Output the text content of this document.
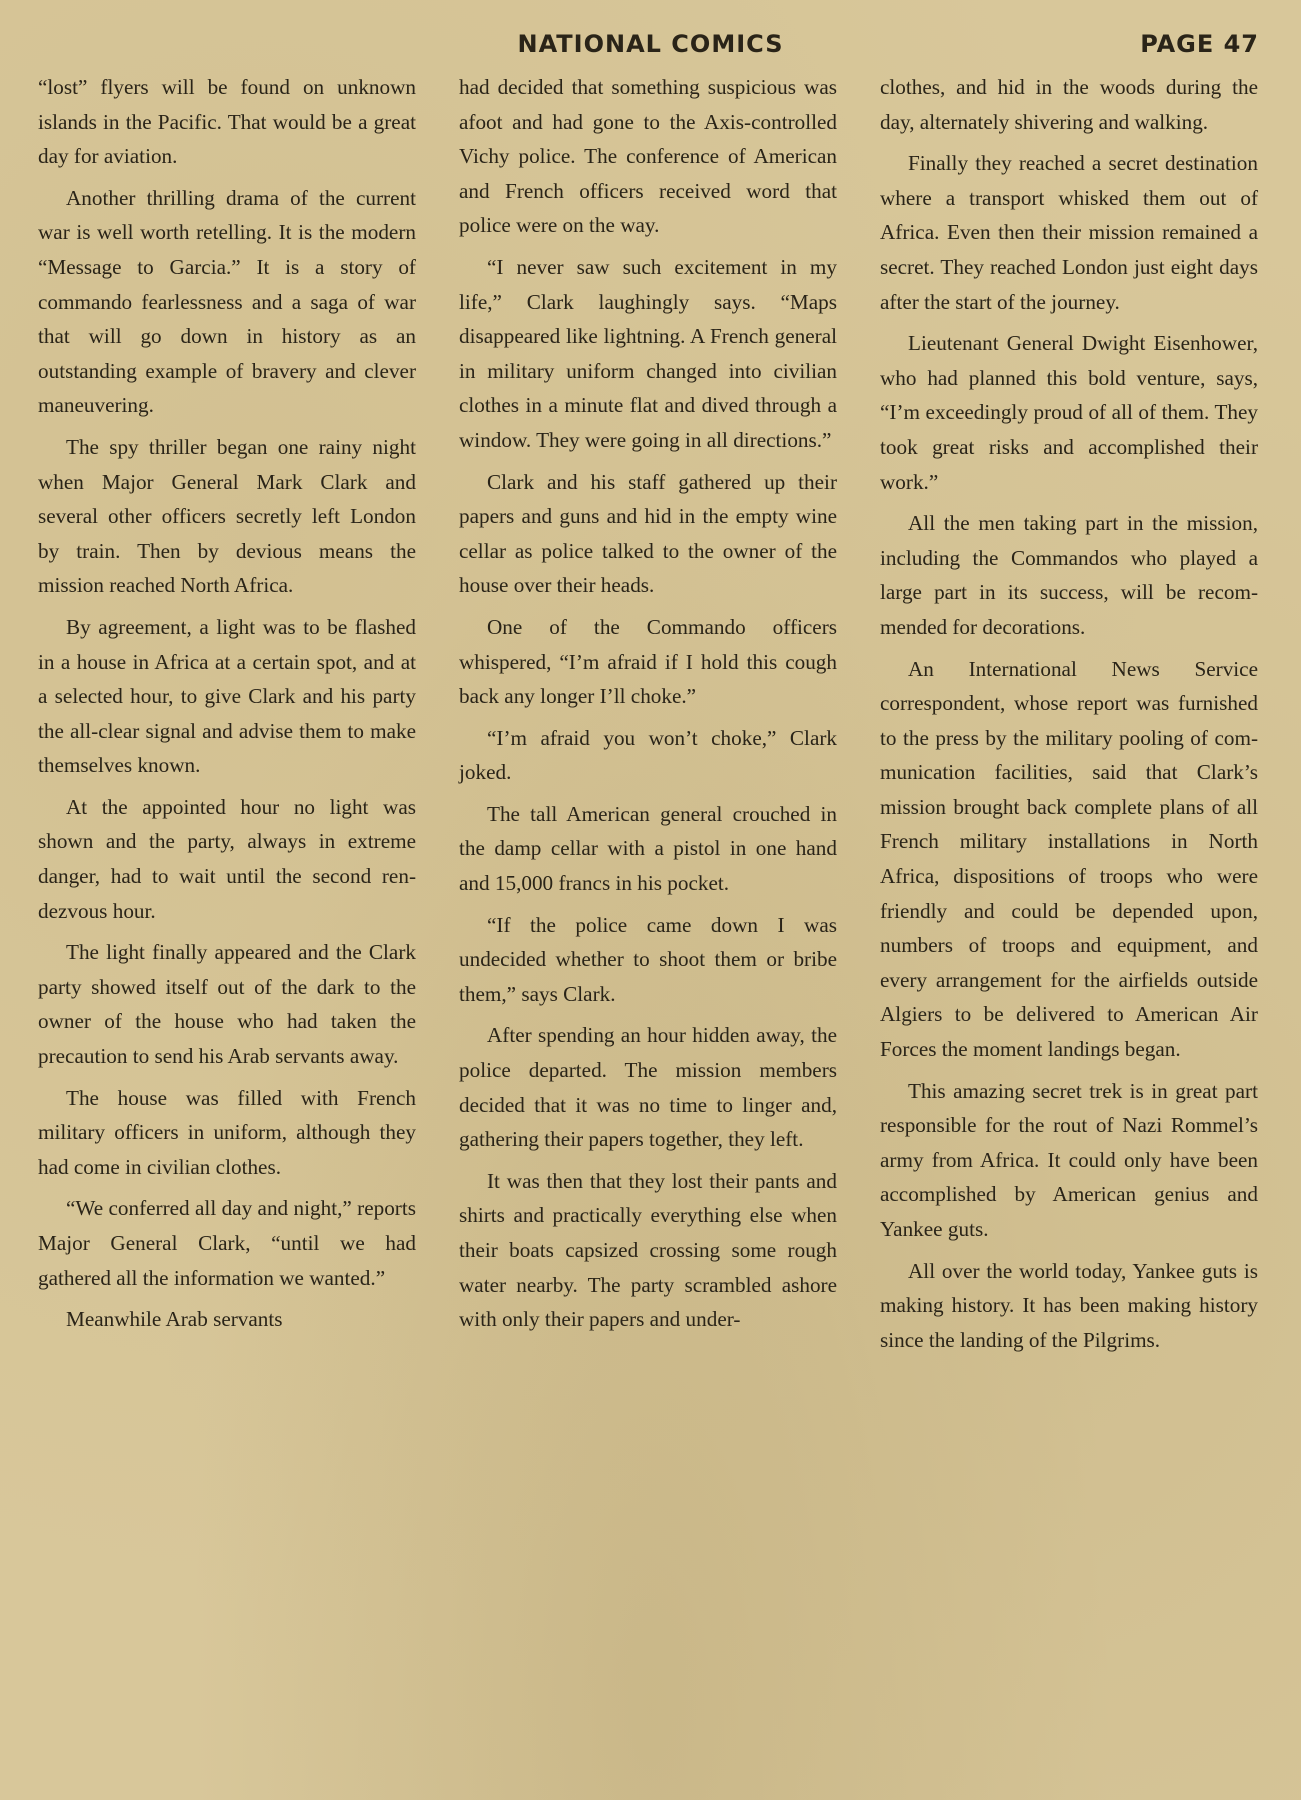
NATIONAL COMICS	PAGE 47

“lost” flyers will be found on unknown islands in the Pacific. That would be a great day for aviation.

Another thrilling drama of the current war is well worth retelling. It is the modern “Message to Garcia.” It is a story of commando fearlessness and a saga of war that will go down in history as an outstanding example of bravery and clever maneuvering.

The spy thriller began one rainy night when Major General Mark Clark and several other officers secretly left London by train. Then by devious means the mission reached North Africa.

By agreement, a light was to be flashed in a house in Africa at a certain spot, and at a selected hour, to give Clark and his party the all-clear signal and advise them to make themselves known.

At the appointed hour no light was shown and the party, always in extreme danger, had to wait until the second rendezvous hour.

The light finally appeared and the Clark party showed itself out of the dark to the owner of the house who had taken the precaution to send his Arab servants away.

The house was filled with French military officers in uniform, although they had come in civilian clothes.

“We conferred all day and night,” reports Major General Clark, “until we had gathered all the information we wanted.”

Meanwhile Arab servants

had decided that something suspicious was afoot and had gone to the Axis-controlled Vichy police. The conference of American and French officers received word that police were on the way.

“I never saw such excitement in my life,” Clark laughingly says. “Maps disappeared like lightning. A French general in military uniform changed into civilian clothes in a minute flat and dived through a window. They were going in all directions.”

Clark and his staff gathered up their papers and guns and hid in the empty wine cellar as police talked to the owner of the house over their heads.

One of the Commando officers whispered, “I’m afraid if I hold this cough back any longer I’ll choke.”

“I’m afraid you won’t choke,” Clark joked.

The tall American general crouched in the damp cellar with a pistol in one hand and 15,000 francs in his pocket.

“If the police came down I was undecided whether to shoot them or bribe them,” says Clark.

After spending an hour hidden away, the police departed. The mission members decided that it was no time to linger and, gathering their papers together, they left.

It was then that they lost their pants and shirts and practically everything else when their boats capsized crossing some rough water nearby. The party scrambled ashore with only their papers and under-

clothes, and hid in the woods during the day, alternately shivering and walking.

Finally they reached a secret destination where a transport whisked them out of Africa. Even then their mission remained a secret. They reached London just eight days after the start of the journey.

Lieutenant General Dwight Eisenhower, who had planned this bold venture, says, “I’m exceedingly proud of all of them. They took great risks and accomplished their work.”

All the men taking part in the mission, including the Commandos who played a large part in its success, will be recommended for decorations.

An International News Service correspondent, whose report was furnished to the press by the military pooling of communication facilities, said that Clark’s mission brought back complete plans of all French military installations in North Africa, dispositions of troops who were friendly and could be depended upon, numbers of troops and equipment, and every arrangement for the airfields outside Algiers to be delivered to American Air Forces the moment landings began.

This amazing secret trek is in great part responsible for the rout of Nazi Rommel’s army from Africa. It could only have been accomplished by American genius and Yankee guts.

All over the world today, Yankee guts is making history. It has been making history since the landing of the Pilgrims.
